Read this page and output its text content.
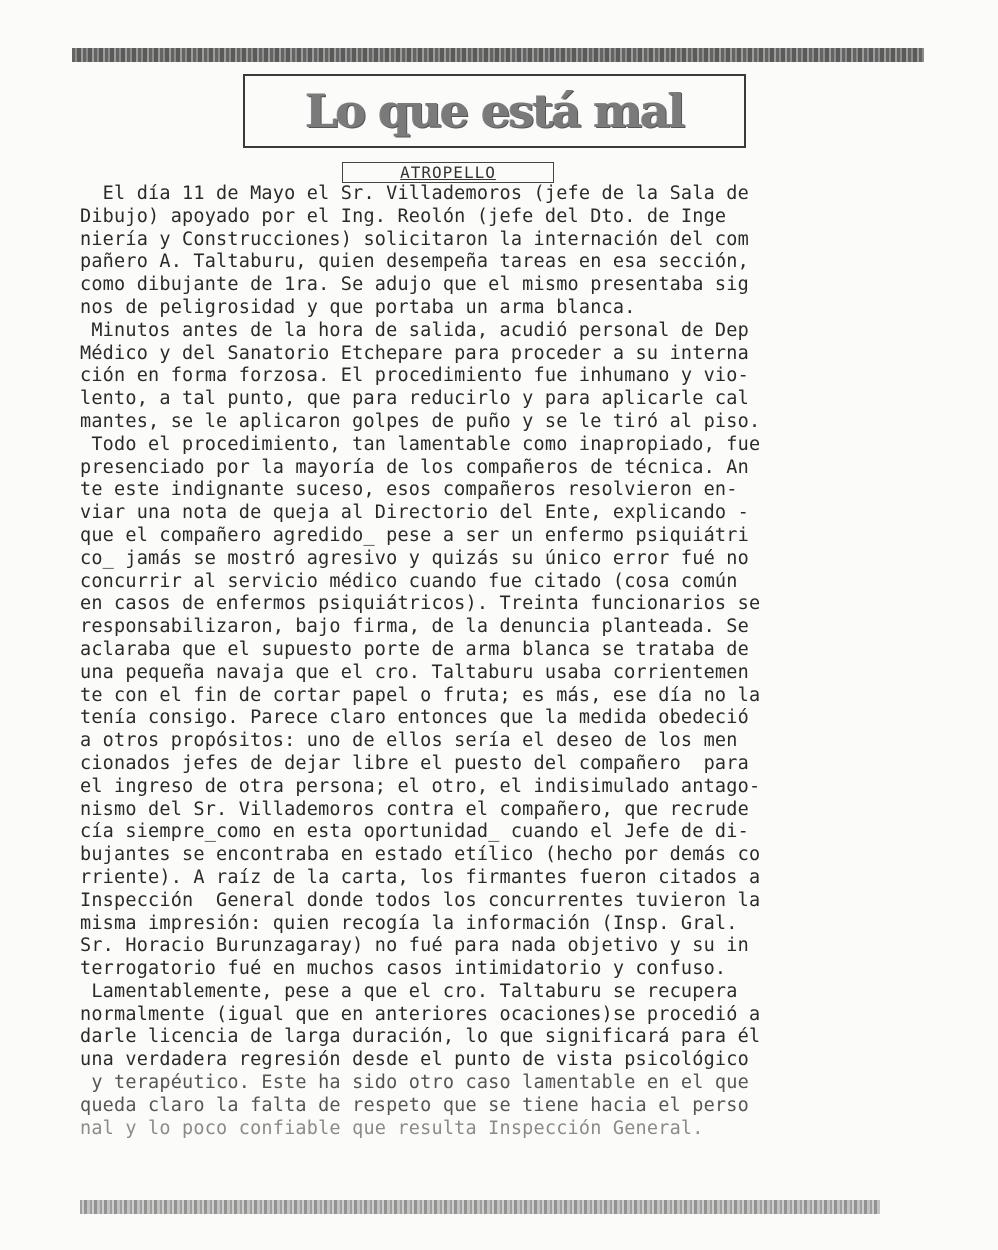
Lo que está mal
ATROPELLO
El día 11 de Mayo el Sr. Villademoros (jefe de la Sala de
Dibujo) apoyado por el Ing. Reolón (jefe del Dto. de Inge
niería y Construcciones) solicitaron la internación del com
pañero A. Taltaburu, quien desempeña tareas en esa sección,
como dibujante de 1ra. Se adujo que el mismo presentaba sig
nos de peligrosidad y que portaba un arma blanca.
Minutos antes de la hora de salida, acudió personal de Dep
Médico y del Sanatorio Etchepare para proceder a su interna
ción en forma forzosa. El procedimiento fue inhumano y vio-
lento, a tal punto, que para reducirlo y para aplicarle cal
mantes, se le aplicaron golpes de puño y se le tiró al piso.
Todo el procedimiento, tan lamentable como inapropiado, fue
presenciado por la mayoría de los compañeros de técnica. An
te este indignante suceso, esos compañeros resolvieron en-
viar una nota de queja al Directorio del Ente, explicando -
que el compañero agredido_ pese a ser un enfermo psiquiátri
co_ jamás se mostró agresivo y quizás su único error fué no
concurrir al servicio médico cuando fue citado (cosa común
en casos de enfermos psiquiátricos). Treinta funcionarios se
responsabilizaron, bajo firma, de la denuncia planteada. Se
aclaraba que el supuesto porte de arma blanca se trataba de
una pequeña navaja que el cro. Taltaburu usaba corrientemen
te con el fin de cortar papel o fruta; es más, ese día no la
tenía consigo. Parece claro entonces que la medida obedeció
a otros propósitos: uno de ellos sería el deseo de los men
cionados jefes de dejar libre el puesto del compañero  para
el ingreso de otra persona; el otro, el indisimulado antago-
nismo del Sr. Villademoros contra el compañero, que recrude
cía siempre_como en esta oportunidad_ cuando el Jefe de di-
bujantes se encontraba en estado etílico (hecho por demás co
rriente). A raíz de la carta, los firmantes fueron citados a
Inspección  General donde todos los concurrentes tuvieron la
misma impresión: quien recogía la información (Insp. Gral.
Sr. Horacio Burunzagaray) no fué para nada objetivo y su in
terrogatorio fué en muchos casos intimidatorio y confuso.
Lamentablemente, pese a que el cro. Taltaburu se recupera
normalmente (igual que en anteriores ocaciones)se procedió a
darle licencia de larga duración, lo que significará para él
una verdadera regresión desde el punto de vista psicológico
y terapéutico. Este ha sido otro caso lamentable en el que
queda claro la falta de respeto que se tiene hacia el perso
nal y lo poco confiable que resulta Inspección General.
